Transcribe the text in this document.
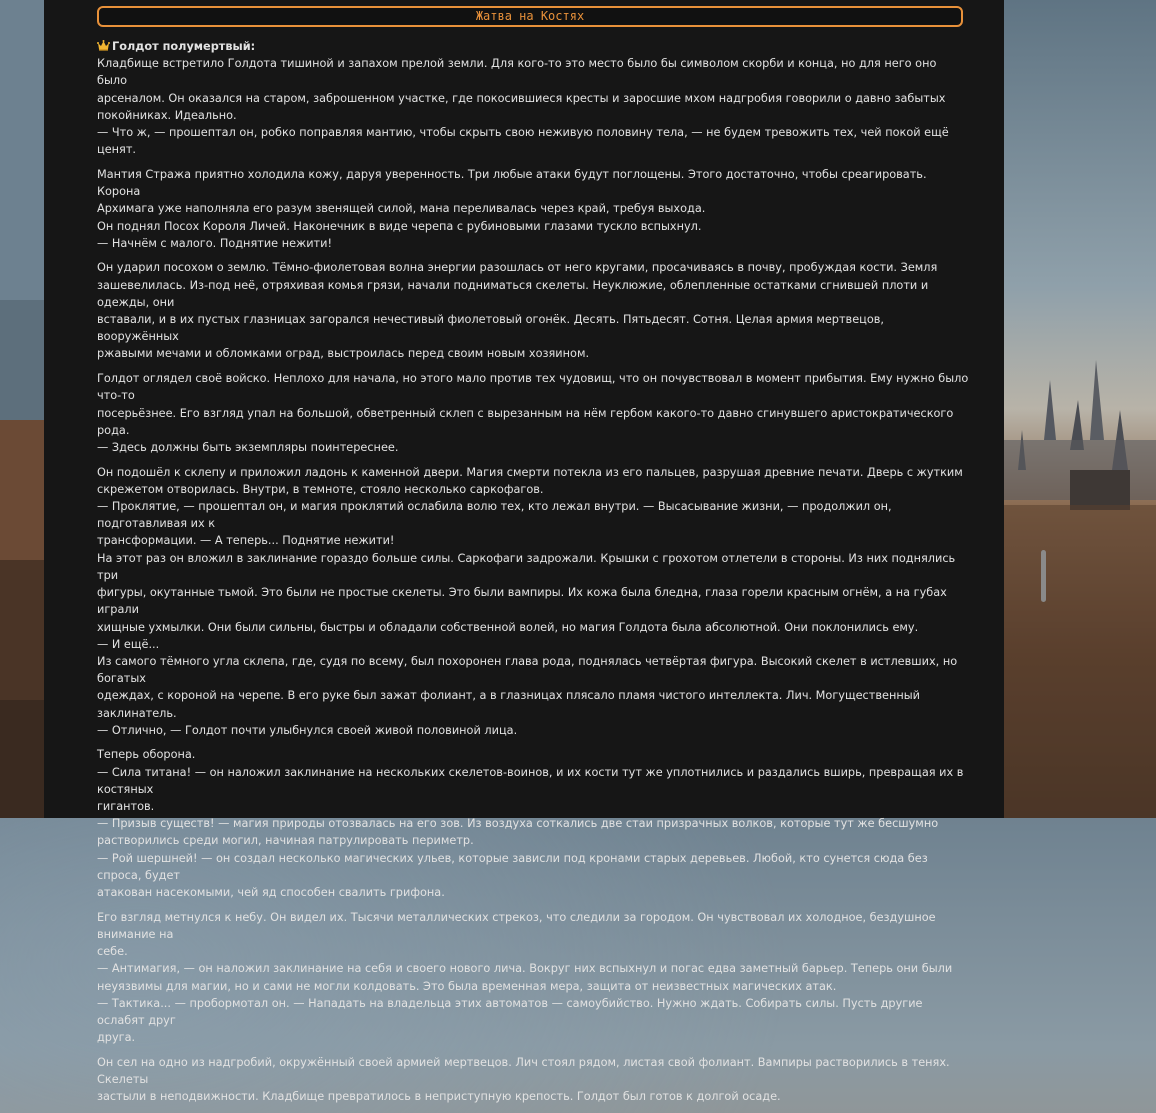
Жатва на Костях

Голдот полумертвый:
Кладбище встретило Голдота тишиной и запахом прелой земли. Для кого-то это место было бы символом скорби и конца, но для него оно было
арсеналом. Он оказался на старом, заброшенном участке, где покосившиеся кресты и заросшие мхом надгробия говорили о давно забытых
покойниках. Идеально.
— Что ж, — прошептал он, робко поправляя мантию, чтобы скрыть свою неживую половину тела, — не будем тревожить тех, чей покой ещё ценят.

Мантия Стража приятно холодила кожу, даруя уверенность. Три любые атаки будут поглощены. Этого достаточно, чтобы среагировать. Корона
Архимага уже наполняла его разум звенящей силой, мана переливалась через край, требуя выхода.
Он поднял Посох Короля Личей. Наконечник в виде черепа с рубиновыми глазами тускло вспыхнул.
— Начнём с малого. Поднятие нежити!

Он ударил посохом о землю. Тёмно-фиолетовая волна энергии разошлась от него кругами, просачиваясь в почву, пробуждая кости. Земля
зашевелилась. Из-под неё, отряхивая комья грязи, начали подниматься скелеты. Неуклюжие, облепленные остатками сгнившей плоти и одежды, они
вставали, и в их пустых глазницах загорался нечестивый фиолетовый огонёк. Десять. Пятьдесят. Сотня. Целая армия мертвецов, вооружённых
ржавыми мечами и обломками оград, выстроилась перед своим новым хозяином.

Голдот оглядел своё войско. Неплохо для начала, но этого мало против тех чудовищ, что он почувствовал в момент прибытия. Ему нужно было что-то
посерьёзнее. Его взгляд упал на большой, обветренный склеп с вырезанным на нём гербом какого-то давно сгинувшего аристократического рода.
— Здесь должны быть экземпляры поинтереснее.

Он подошёл к склепу и приложил ладонь к каменной двери. Магия смерти потекла из его пальцев, разрушая древние печати. Дверь с жутким
скрежетом отворилась. Внутри, в темноте, стояло несколько саркофагов.
— Проклятие, — прошептал он, и магия проклятий ослабила волю тех, кто лежал внутри. — Высасывание жизни, — продолжил он, подготавливая их к
трансформации. — А теперь... Поднятие нежити!
На этот раз он вложил в заклинание гораздо больше силы. Саркофаги задрожали. Крышки с грохотом отлетели в стороны. Из них поднялись три
фигуры, окутанные тьмой. Это были не простые скелеты. Это были вампиры. Их кожа была бледна, глаза горели красным огнём, а на губах играли
хищные ухмылки. Они были сильны, быстры и обладали собственной волей, но магия Голдота была абсолютной. Они поклонились ему.
— И ещё...
Из самого тёмного угла склепа, где, судя по всему, был похоронен глава рода, поднялась четвёртая фигура. Высокий скелет в истлевших, но богатых
одеждах, с короной на черепе. В его руке был зажат фолиант, а в глазницах плясало пламя чистого интеллекта. Лич. Могущественный заклинатель.
— Отлично, — Голдот почти улыбнулся своей живой половиной лица.

Теперь оборона.
— Сила титана! — он наложил заклинание на нескольких скелетов-воинов, и их кости тут же уплотнились и раздались вширь, превращая их в костяных
гигантов.
— Призыв существ! — магия природы отозвалась на его зов. Из воздуха соткались две стаи призрачных волков, которые тут же бесшумно
растворились среди могил, начиная патрулировать периметр.
— Рой шершней! — он создал несколько магических ульев, которые зависли под кронами старых деревьев. Любой, кто сунется сюда без спроса, будет
атакован насекомыми, чей яд способен свалить грифона.

Его взгляд метнулся к небу. Он видел их. Тысячи металлических стрекоз, что следили за городом. Он чувствовал их холодное, бездушное внимание на
себе.
— Антимагия, — он наложил заклинание на себя и своего нового лича. Вокруг них вспыхнул и погас едва заметный барьер. Теперь они были
неуязвимы для магии, но и сами не могли колдовать. Это была временная мера, защита от неизвестных магических атак.
— Тактика... — пробормотал он. — Нападать на владельца этих автоматов — самоубийство. Нужно ждать. Собирать силы. Пусть другие ослабят друг
друга.

Он сел на одно из надгробий, окружённый своей армией мертвецов. Лич стоял рядом, листая свой фолиант. Вампиры растворились в тенях. Скелеты
застыли в неподвижности. Кладбище превратилось в неприступную крепость. Голдот был готов к долгой осаде.
